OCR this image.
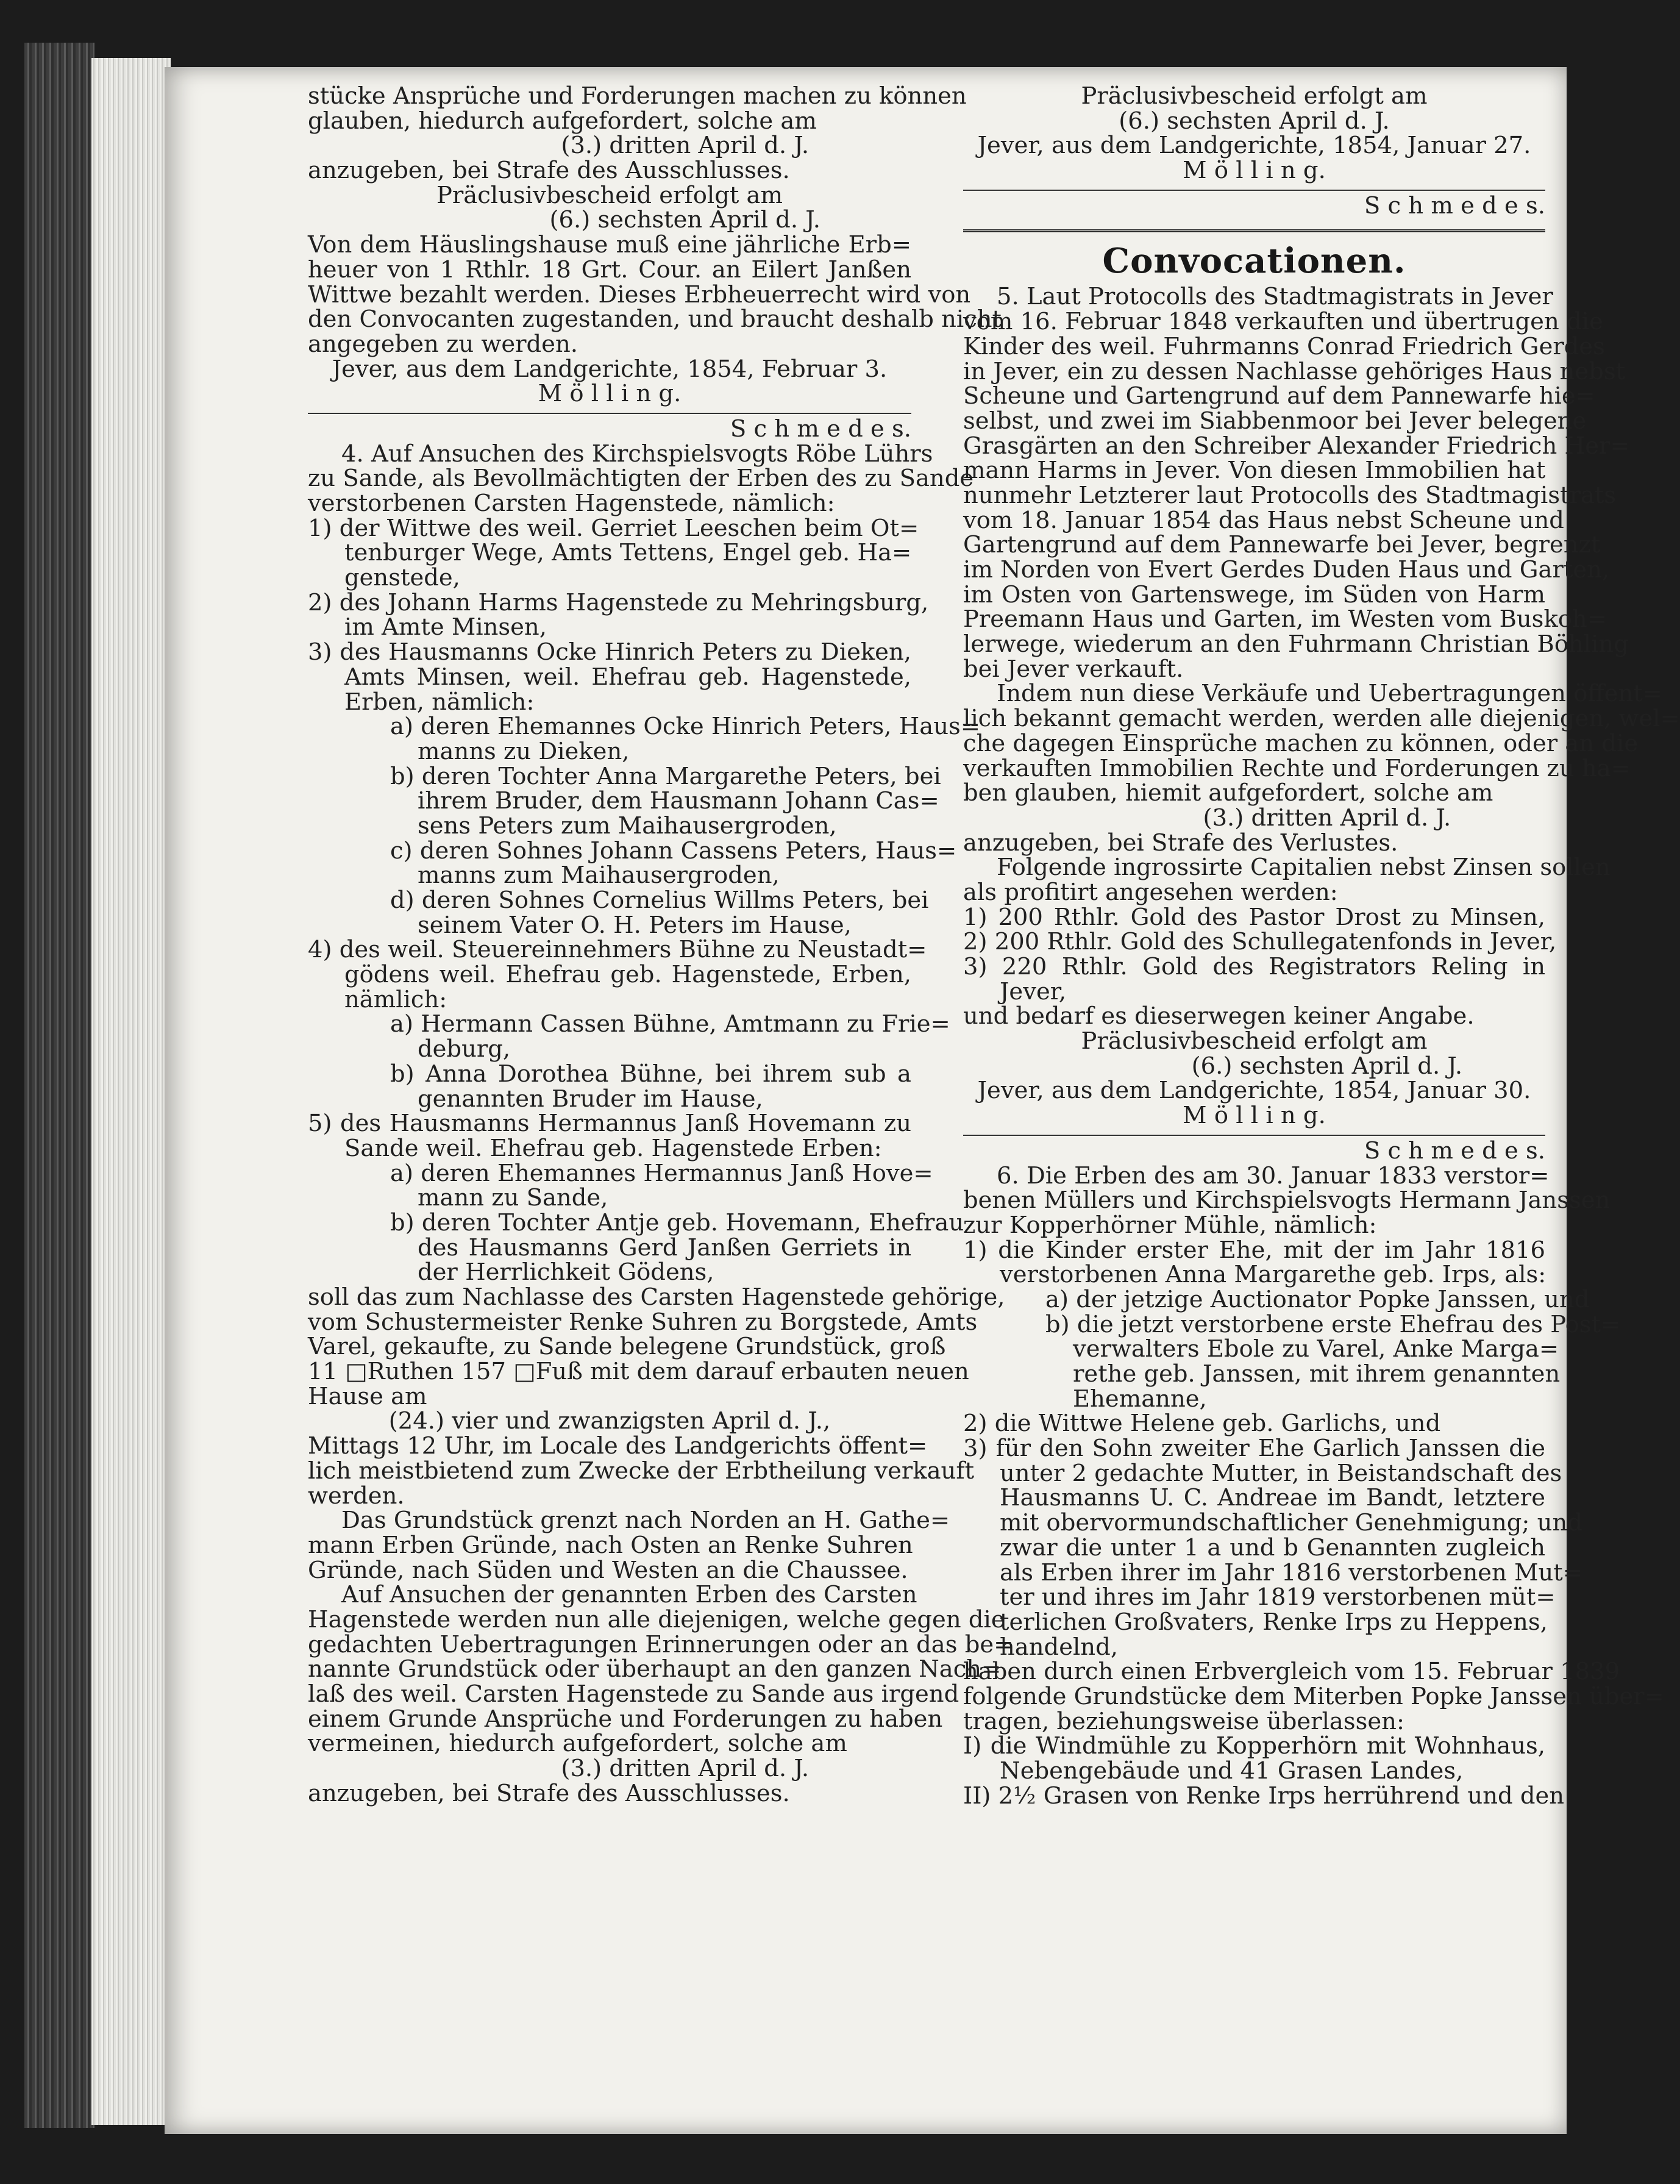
stücke Ansprüche und Forderungen machen zu können
glauben, hiedurch aufgefordert, solche am
(3.) dritten April d. J.
anzugeben, bei Strafe des Ausschlusses.
Präclusivbescheid erfolgt am
(6.) sechsten April d. J.
Von dem Häuslingshause muß eine jährliche Erb=
heuer von 1 Rthlr. 18 Grt. Cour. an Eilert Janßen
Wittwe bezahlt werden. Dieses Erbheuerrecht wird von
den Convocanten zugestanden, und braucht deshalb nicht
angegeben zu werden.
Jever, aus dem Landgerichte, 1854, Februar 3.
M ö l l i n g.
S c h m e d e s.
4. Auf Ansuchen des Kirchspielsvogts Röbe Lührs
zu Sande, als Bevollmächtigten der Erben des zu Sande
verstorbenen Carsten Hagenstede, nämlich:
1) der Wittwe des weil. Gerriet Leeschen beim Ot=
tenburger Wege, Amts Tettens, Engel geb. Ha=
genstede,
2) des Johann Harms Hagenstede zu Mehringsburg,
im Amte Minsen,
3) des Hausmanns Ocke Hinrich Peters zu Dieken,
Amts Minsen, weil. Ehefrau geb. Hagenstede,
Erben, nämlich:
a) deren Ehemannes Ocke Hinrich Peters, Haus=
manns zu Dieken,
b) deren Tochter Anna Margarethe Peters, bei
ihrem Bruder, dem Hausmann Johann Cas=
sens Peters zum Maihausergroden,
c) deren Sohnes Johann Cassens Peters, Haus=
manns zum Maihausergroden,
d) deren Sohnes Cornelius Willms Peters, bei
seinem Vater O. H. Peters im Hause,
4) des weil. Steuereinnehmers Bühne zu Neustadt=
gödens weil. Ehefrau geb. Hagenstede, Erben,
nämlich:
a) Hermann Cassen Bühne, Amtmann zu Frie=
deburg,
b) Anna Dorothea Bühne, bei ihrem sub a
genannten Bruder im Hause,
5) des Hausmanns Hermannus Janß Hovemann zu
Sande weil. Ehefrau geb. Hagenstede Erben:
a) deren Ehemannes Hermannus Janß Hove=
mann zu Sande,
b) deren Tochter Antje geb. Hovemann, Ehefrau
des Hausmanns Gerd Janßen Gerriets in
der Herrlichkeit Gödens,
soll das zum Nachlasse des Carsten Hagenstede gehörige,
vom Schustermeister Renke Suhren zu Borgstede, Amts
Varel, gekaufte, zu Sande belegene Grundstück, groß
11 □Ruthen 157 □Fuß mit dem darauf erbauten neuen
Hause am
(24.) vier und zwanzigsten April d. J.,
Mittags 12 Uhr, im Locale des Landgerichts öffent=
lich meistbietend zum Zwecke der Erbtheilung verkauft
werden.
Das Grundstück grenzt nach Norden an H. Gathe=
mann Erben Gründe, nach Osten an Renke Suhren
Gründe, nach Süden und Westen an die Chaussee.
Auf Ansuchen der genannten Erben des Carsten
Hagenstede werden nun alle diejenigen, welche gegen die
gedachten Uebertragungen Erinnerungen oder an das be=
nannte Grundstück oder überhaupt an den ganzen Nach=
laß des weil. Carsten Hagenstede zu Sande aus irgend
einem Grunde Ansprüche und Forderungen zu haben
vermeinen, hiedurch aufgefordert, solche am
(3.) dritten April d. J.
anzugeben, bei Strafe des Ausschlusses.
Präclusivbescheid erfolgt am
(6.) sechsten April d. J.
Jever, aus dem Landgerichte, 1854, Januar 27.
M ö l l i n g.
S c h m e d e s.
Convocationen.
5. Laut Protocolls des Stadtmagistrats in Jever
vom 16. Februar 1848 verkauften und übertrugen die
Kinder des weil. Fuhrmanns Conrad Friedrich Gerdes
in Jever, ein zu dessen Nachlasse gehöriges Haus nebst
Scheune und Gartengrund auf dem Pannewarfe hie=
selbst, und zwei im Siabbenmoor bei Jever belegene
Grasgärten an den Schreiber Alexander Friedrich Her=
mann Harms in Jever. Von diesen Immobilien hat
nunmehr Letzterer laut Protocolls des Stadtmagistrats
vom 18. Januar 1854 das Haus nebst Scheune und
Gartengrund auf dem Pannewarfe bei Jever, begrenzt
im Norden von Evert Gerdes Duden Haus und Garten,
im Osten von Gartenswege, im Süden von Harm
Preemann Haus und Garten, im Westen vom Buskoh=
lerwege, wiederum an den Fuhrmann Christian Böhling
bei Jever verkauft.
Indem nun diese Verkäufe und Uebertragungen öffent=
lich bekannt gemacht werden, werden alle diejenigen, wel=
che dagegen Einsprüche machen zu können, oder an die
verkauften Immobilien Rechte und Forderungen zu ha=
ben glauben, hiemit aufgefordert, solche am
(3.) dritten April d. J.
anzugeben, bei Strafe des Verlustes.
Folgende ingrossirte Capitalien nebst Zinsen sollen
als profitirt angesehen werden:
1) 200 Rthlr. Gold des Pastor Drost zu Minsen,
2) 200 Rthlr. Gold des Schullegatenfonds in Jever,
3) 220 Rthlr. Gold des Registrators Reling in
Jever,
und bedarf es dieserwegen keiner Angabe.
Präclusivbescheid erfolgt am
(6.) sechsten April d. J.
Jever, aus dem Landgerichte, 1854, Januar 30.
M ö l l i n g.
S c h m e d e s.
6. Die Erben des am 30. Januar 1833 verstor=
benen Müllers und Kirchspielsvogts Hermann Janssen
zur Kopperhörner Mühle, nämlich:
1) die Kinder erster Ehe, mit der im Jahr 1816
verstorbenen Anna Margarethe geb. Irps, als:
a) der jetzige Auctionator Popke Janssen, und
b) die jetzt verstorbene erste Ehefrau des Post=
verwalters Ebole zu Varel, Anke Marga=
rethe geb. Janssen, mit ihrem genannten
Ehemanne,
2) die Wittwe Helene geb. Garlichs, und
3) für den Sohn zweiter Ehe Garlich Janssen die
unter 2 gedachte Mutter, in Beistandschaft des
Hausmanns U. C. Andreae im Bandt, letztere
mit obervormundschaftlicher Genehmigung; und
zwar die unter 1 a und b Genannten zugleich
als Erben ihrer im Jahr 1816 verstorbenen Mut=
ter und ihres im Jahr 1819 verstorbenen müt=
terlichen Großvaters, Renke Irps zu Heppens,
handelnd,
haben durch einen Erbvergleich vom 15. Februar 1839
folgende Grundstücke dem Miterben Popke Janssen über=
tragen, beziehungsweise überlassen:
I) die Windmühle zu Kopperhörn mit Wohnhaus,
Nebengebäude und 41 Grasen Landes,
II) 2½ Grasen von Renke Irps herrührend und den
